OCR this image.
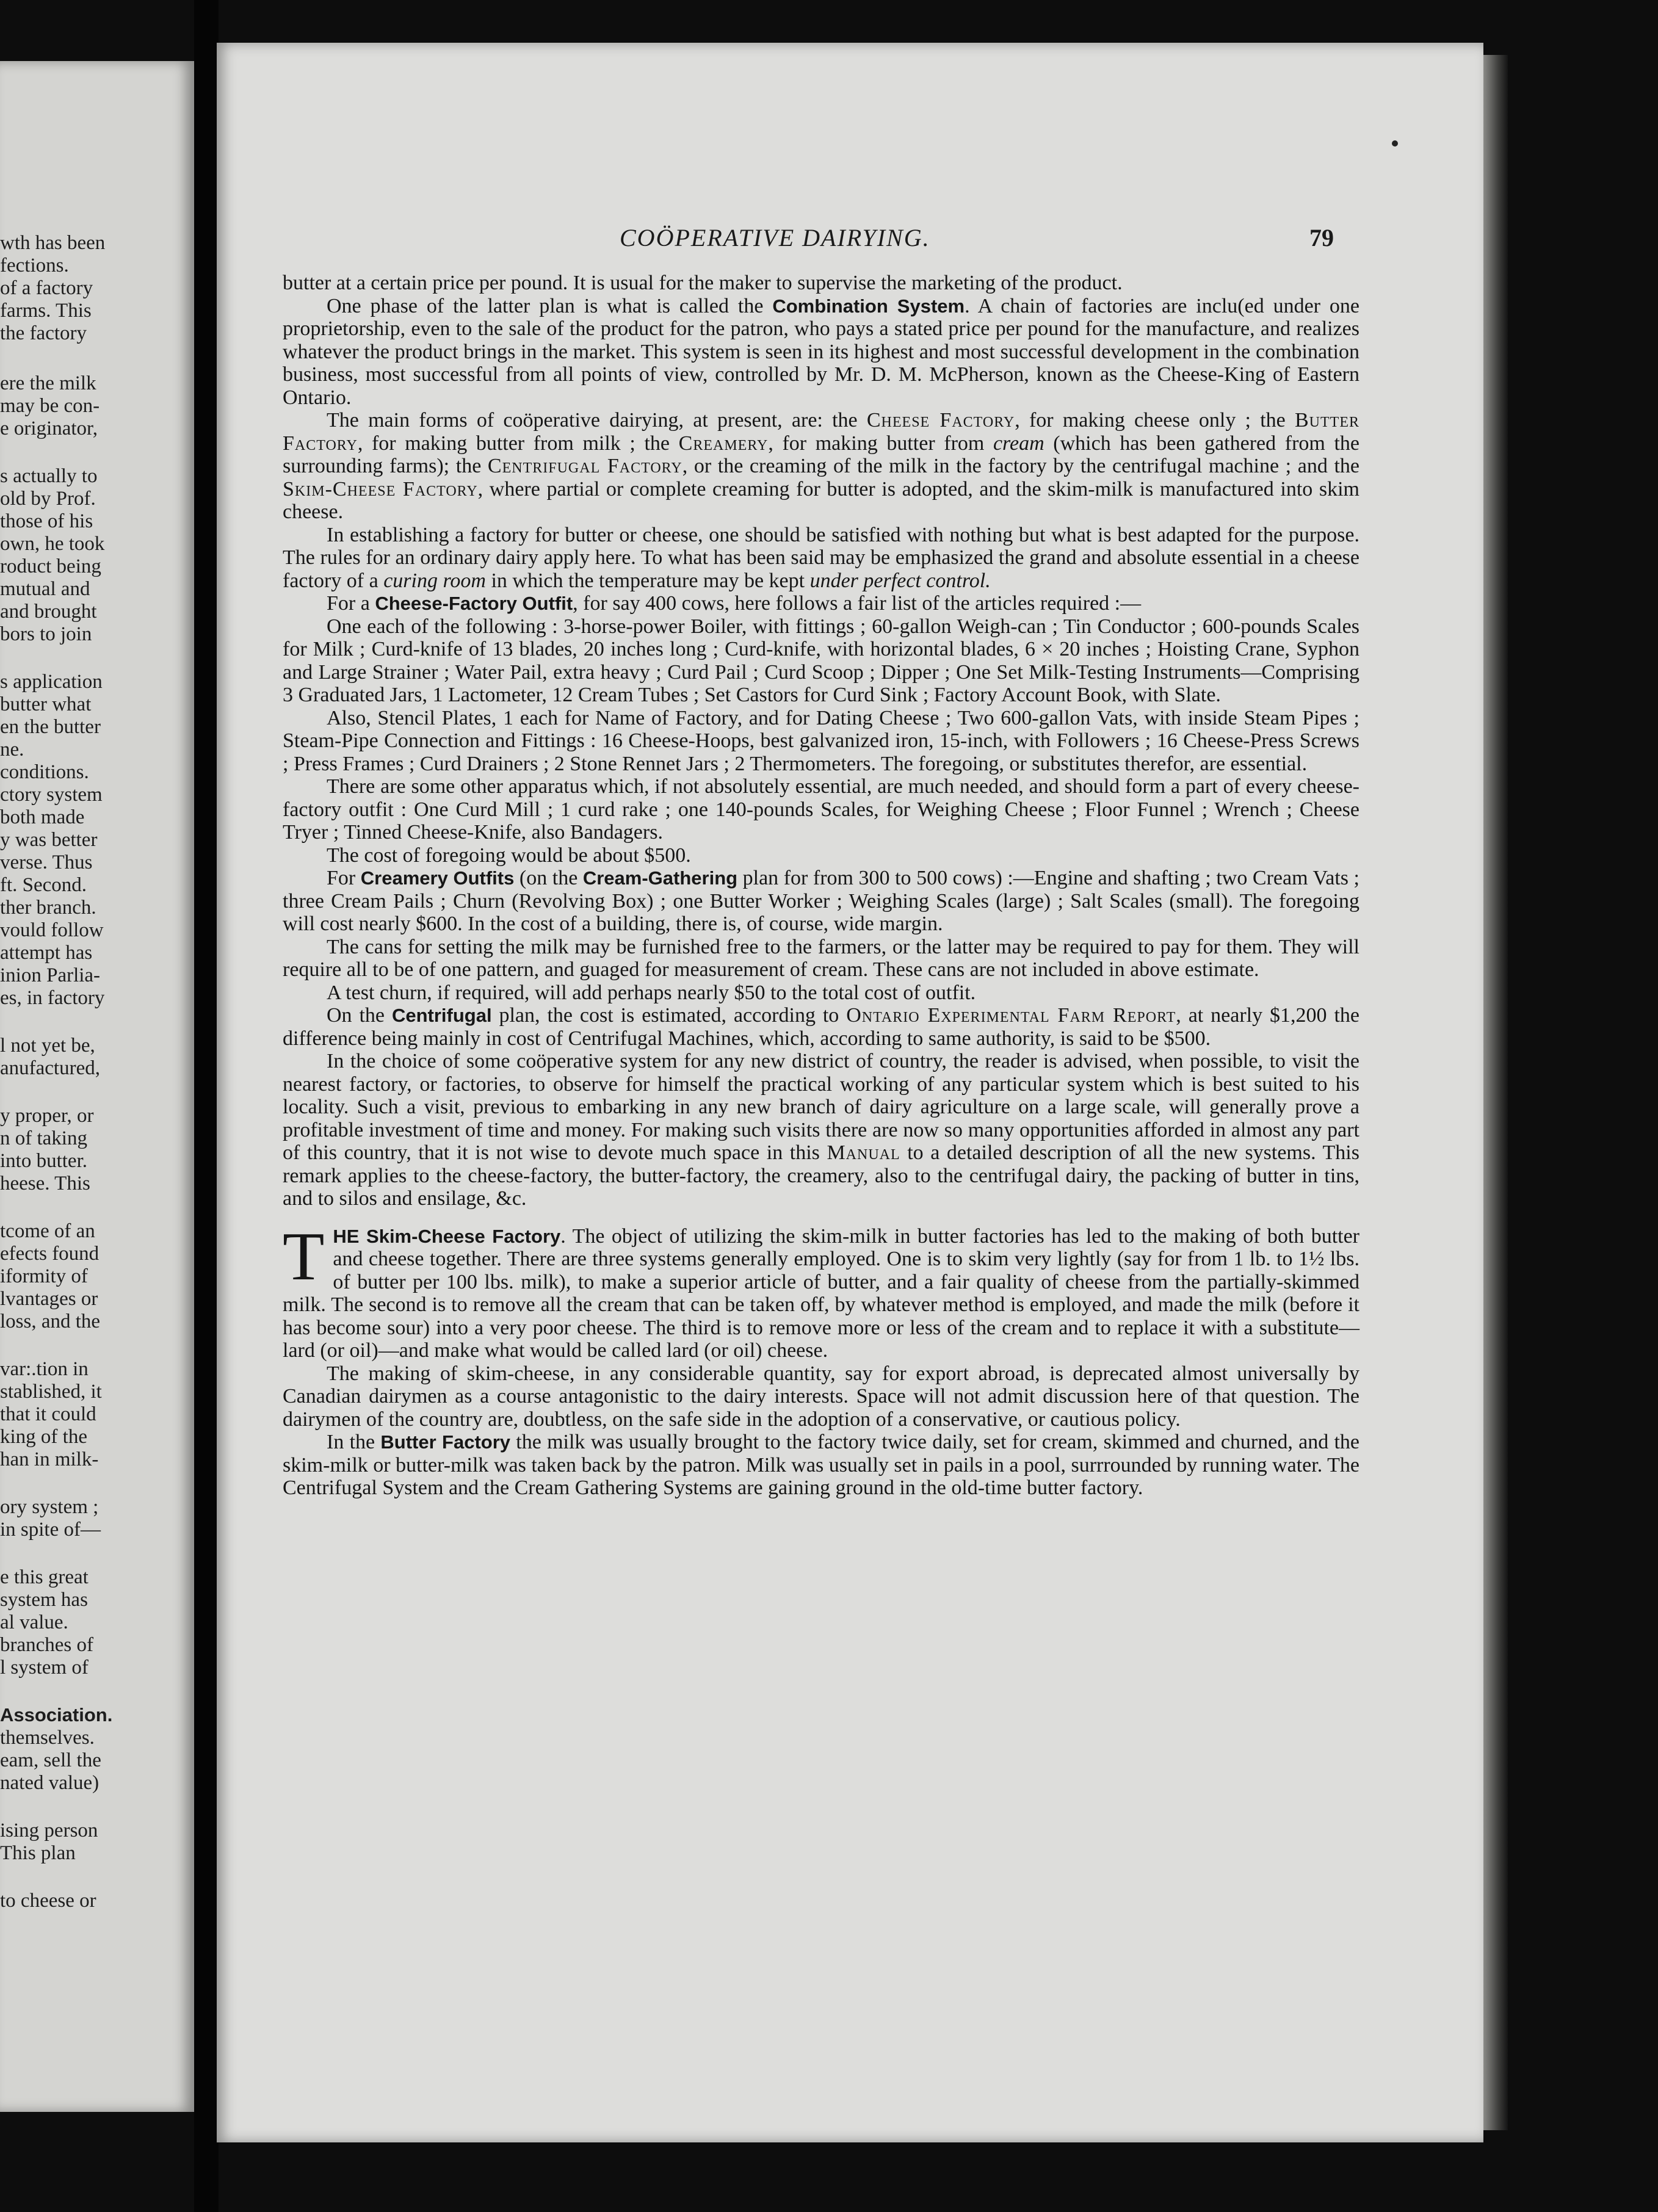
wth has been
fections.
of a factory
farms. This
the factory
ere the milk
may be con-
e originator,
s actually to
old by Prof.
those of his
own, he took
roduct being
mutual and
and brought
bors to join
s application
butter what
en the butter
ne.
conditions.
ctory system
both made
y was better
verse. Thus
ft. Second.
ther branch.
vould follow
attempt has
inion Parlia-
es, in factory
l not yet be,
anufactured,
y proper, or
n of taking
into butter.
heese. This
tcome of an
efects found
iformity of
lvantages or
loss, and the
var:.tion in
stablished, it
that it could
king of the
han in milk-
ory system ;
in spite of—
e this great
system has
al value.
branches of
l system of
Association.
themselves.
eam, sell the
nated value)
ising person
This plan
to cheese or
COÖPERATIVE DAIRYING.	79

butter at a certain price per pound. It is usual for the maker to supervise the marketing of the product.

One phase of the latter plan is what is called the Combination System. A chain of factories are inclu(ed under one proprietorship, even to the sale of the product for the patron, who pays a stated price per pound for the manufacture, and realizes whatever the product brings in the market. This system is seen in its highest and most successful development in the combination business, most successful from all points of view, controlled by Mr. D. M. McPherson, known as the Cheese-King of Eastern Ontario.

The main forms of coöperative dairying, at present, are: the Cheese Factory, for making cheese only ; the Butter Factory, for making butter from milk ; the Creamery, for making butter from cream (which has been gathered from the surrounding farms); the Centrifugal Factory, or the creaming of the milk in the factory by the centrifugal machine ; and the Skim-Cheese Factory, where partial or complete creaming for butter is adopted, and the skim-milk is manufactured into skim cheese.

In establishing a factory for butter or cheese, one should be satisfied with nothing but what is best adapted for the purpose. The rules for an ordinary dairy apply here. To what has been said may be emphasized the grand and absolute essential in a cheese factory of a curing room in which the temperature may be kept under perfect control.

For a Cheese-Factory Outfit, for say 400 cows, here follows a fair list of the articles required :—

One each of the following : 3-horse-power Boiler, with fittings ; 60-gallon Weigh-can ; Tin Conductor ; 600-pounds Scales for Milk ; Curd-knife of 13 blades, 20 inches long ; Curd-knife, with horizontal blades, 6 × 20 inches ; Hoisting Crane, Syphon and Large Strainer ; Water Pail, extra heavy ; Curd Pail ; Curd Scoop ; Dipper ; One Set Milk-Testing Instruments—Comprising 3 Graduated Jars, 1 Lactometer, 12 Cream Tubes ; Set Castors for Curd Sink ; Factory Account Book, with Slate.

Also, Stencil Plates, 1 each for Name of Factory, and for Dating Cheese ; Two 600-gallon Vats, with inside Steam Pipes ; Steam-Pipe Connection and Fittings : 16 Cheese-Hoops, best galvanized iron, 15-inch, with Followers ; 16 Cheese-Press Screws ; Press Frames ; Curd Drainers ; 2 Stone Rennet Jars ; 2 Thermometers. The foregoing, or substitutes therefor, are essential.

There are some other apparatus which, if not absolutely essential, are much needed, and should form a part of every cheese-factory outfit : One Curd Mill ; 1 curd rake ; one 140-pounds Scales, for Weighing Cheese ; Floor Funnel ; Wrench ; Cheese Tryer ; Tinned Cheese-Knife, also Bandagers.

The cost of foregoing would be about $500.

For Creamery Outfits (on the Cream-Gathering plan for from 300 to 500 cows) :—Engine and shafting ; two Cream Vats ; three Cream Pails ; Churn (Revolving Box) ; one Butter Worker ; Weighing Scales (large) ; Salt Scales (small). The foregoing will cost nearly $600. In the cost of a building, there is, of course, wide margin.

The cans for setting the milk may be furnished free to the farmers, or the latter may be required to pay for them. They will require all to be of one pattern, and guaged for measurement of cream. These cans are not included in above estimate.

A test churn, if required, will add perhaps nearly $50 to the total cost of outfit.

On the Centrifugal plan, the cost is estimated, according to Ontario Experimental Farm Report, at nearly $1,200 the difference being mainly in cost of Centrifugal Machines, which, according to same authority, is said to be $500.

In the choice of some coöperative system for any new district of country, the reader is advised, when possible, to visit the nearest factory, or factories, to observe for himself the practical working of any particular system which is best suited to his locality. Such a visit, previous to embarking in any new branch of dairy agriculture on a large scale, will generally prove a profitable investment of time and money. For making such visits there are now so many opportunities afforded in almost any part of this country, that it is not wise to devote much space in this Manual to a detailed description of all the new systems. This remark applies to the cheese-factory, the butter-factory, the creamery, also to the centrifugal dairy, the packing of butter in tins, and to silos and ensilage, &c.

THE Skim-Cheese Factory. The object of utilizing the skim-milk in butter factories has led to the making of both butter and cheese together. There are three systems generally employed. One is to skim very lightly (say for from 1 lb. to 1½ lbs. of butter per 100 lbs. milk), to make a superior article of butter, and a fair quality of cheese from the partially-skimmed milk. The second is to remove all the cream that can be taken off, by whatever method is employed, and made the milk (before it has become sour) into a very poor cheese. The third is to remove more or less of the cream and to replace it with a substitute—lard (or oil)—and make what would be called lard (or oil) cheese.

The making of skim-cheese, in any considerable quantity, say for export abroad, is deprecated almost universally by Canadian dairymen as a course antagonistic to the dairy interests. Space will not admit discussion here of that question. The dairymen of the country are, doubtless, on the safe side in the adoption of a conservative, or cautious policy.

In the Butter Factory the milk was usually brought to the factory twice daily, set for cream, skimmed and churned, and the skim-milk or butter-milk was taken back by the patron. Milk was usually set in pails in a pool, surrrounded by running water. The Centrifugal System and the Cream Gathering Systems are gaining ground in the old-time butter factory.
